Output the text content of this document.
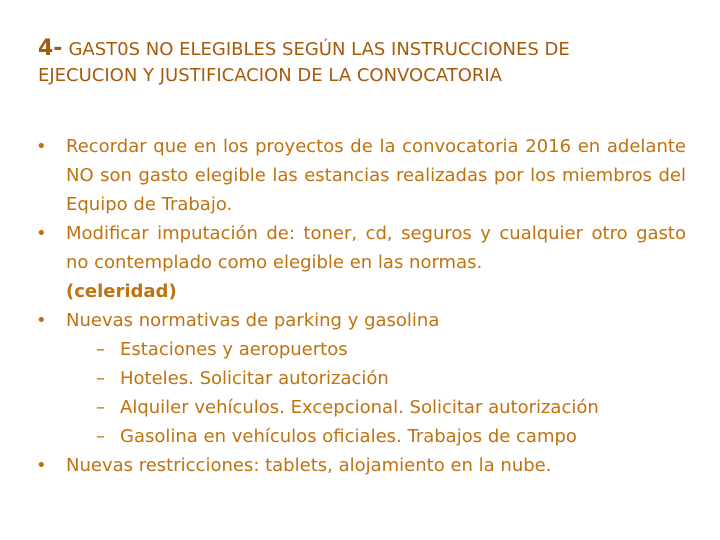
4- GAST0S NO ELEGIBLES SEGÚN LAS INSTRUCCIONES DE
EJECUCION Y JUSTIFICACION DE LA CONVOCATORIA
•	Recordar que en los proyectos de la convocatoria 2016 en adelante NO son gasto elegible las estancias realizadas por los miembros del Equipo de Trabajo.
•	Modificar imputación de: toner, cd, seguros y cualquier otro gasto no contemplado como elegible en las normas.
(celeridad)
•	Nuevas normativas de parking y gasolina
– Estaciones y aeropuertos
– Hoteles. Solicitar autorización
– Alquiler vehículos. Excepcional. Solicitar autorización
– Gasolina en vehículos oficiales. Trabajos de campo
•	Nuevas restricciones: tablets, alojamiento en la nube.
